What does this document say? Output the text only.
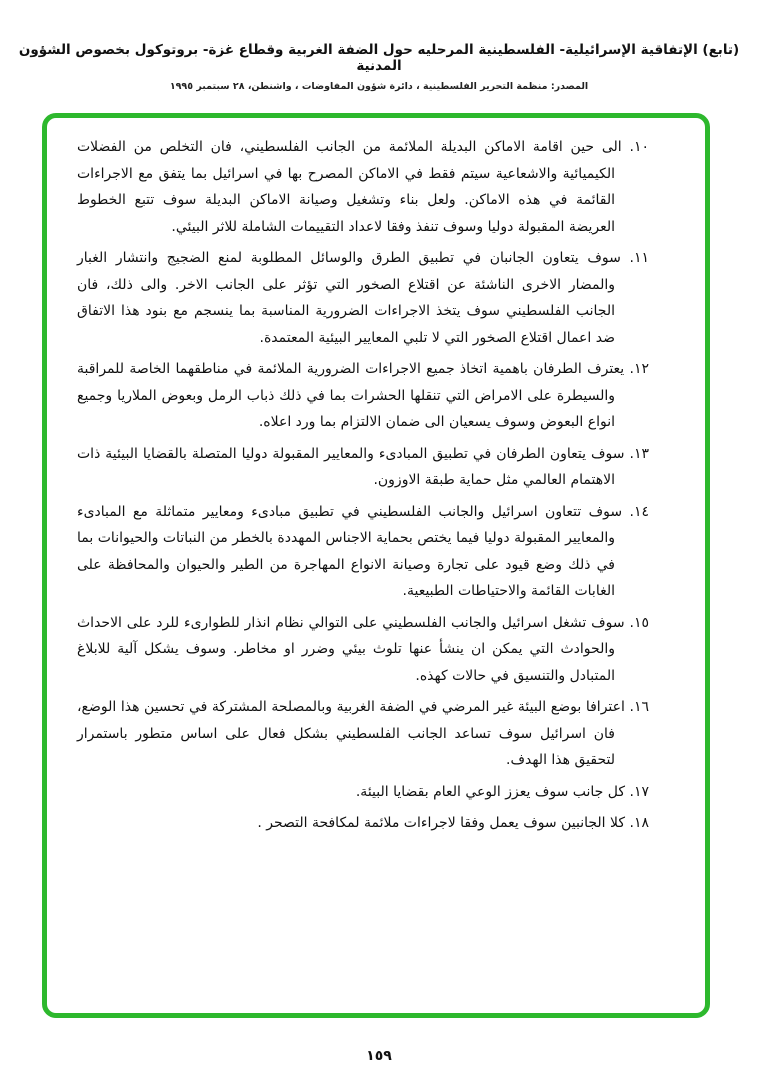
(تابع) الإتفاقية الإسرائيلية- الفلسطينية المرحليه حول الضفة الغربية وقطاع غزة- بروتوكول بخصوص الشؤون المدنية
المصدر: منظمة التحرير الفلسطينية ، دائرة شؤون المفاوضات ، واشنطن، ٢٨ سبتمبر ١٩٩٥
١٠. الى حين اقامة الاماكن البديلة الملائمة من الجانب الفلسطيني، فان التخلص من الفضلات الكيميائية والاشعاعية سيتم فقط في الاماكن المصرح بها في اسرائيل بما يتفق مع الاجراءات القائمة في هذه الاماكن. ولعل بناء وتشغيل وصيانة الاماكن البديلة سوف تتبع الخطوط العريضة المقبولة دوليا وسوف تنفذ وفقا لاعداد التقييمات الشاملة للاثر البيئي.
١١. سوف يتعاون الجانبان في تطبيق الطرق والوسائل المطلوبة لمنع الضجيج وانتشار الغبار والمضار الاخرى الناشئة عن اقتلاع الصخور التي تؤثر على الجانب الاخر. والى ذلك، فان الجانب الفلسطيني سوف يتخذ الاجراءات الضرورية المناسبة بما ينسجم مع بنود هذا الاتفاق ضد اعمال اقتلاع الصخور التي لا تلبي المعايير البيئية المعتمدة.
١٢. يعترف الطرفان باهمية اتخاذ جميع الاجراءات الضرورية الملائمة في مناطقهما الخاصة للمراقبة والسيطرة على الامراض التي تنقلها الحشرات بما في ذلك ذباب الرمل وبعوض الملاريا وجميع انواع البعوض وسوف يسعيان الى ضمان الالتزام بما ورد اعلاه.
١٣. سوف يتعاون الطرفان في تطبيق المبادىء والمعايير المقبولة دوليا المتصلة بالقضايا البيئية ذات الاهتمام العالمي مثل حماية طبقة الاوزون.
١٤. سوف تتعاون اسرائيل والجانب الفلسطيني في تطبيق مبادىء ومعايير متماثلة مع المبادىء والمعايير المقبولة دوليا فيما يختص بحماية الاجناس المهددة بالخطر من النباتات والحيوانات بما في ذلك وضع قيود على تجارة وصيانة الانواع المهاجرة من الطير والحيوان والمحافظة على الغابات القائمة والاحتياطات الطبيعية.
١٥. سوف تشغل اسرائيل والجانب الفلسطيني على التوالي نظام انذار للطوارىء للرد على الاحداث والحوادث التي يمكن ان ينشأ عنها تلوث بيئي وضرر او مخاطر. وسوف يشكل آلية للابلاغ المتبادل والتنسيق في حالات كهذه.
١٦. اعترافا بوضع البيئة غير المرضي في الضفة الغربية وبالمصلحة المشتركة في تحسين هذا الوضع، فان اسرائيل سوف تساعد الجانب الفلسطيني بشكل فعال على اساس متطور باستمرار لتحقيق هذا الهدف.
١٧. كل جانب سوف يعزز الوعي العام بقضايا البيئة.
١٨. كلا الجانبين سوف يعمل وفقا لاجراءات ملائمة لمكافحة التصحر .
١٥٩
